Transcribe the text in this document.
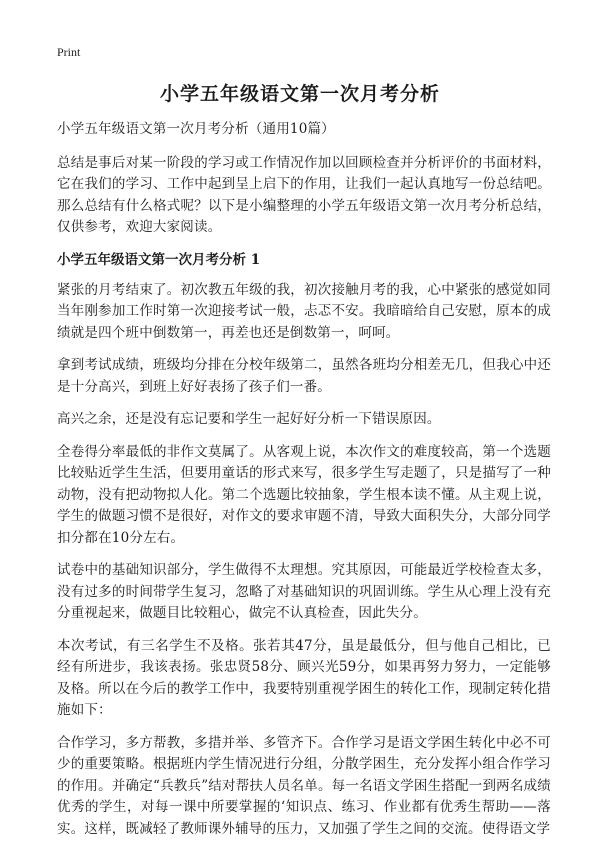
Print
小学五年级语文第一次月考分析

小学五年级语文第一次月考分析（通用10篇）

总结是事后对某一阶段的学习或工作情况作加以回顾检查并分析评价的书面材料，它在我们的学习、工作中起到呈上启下的作用，让我们一起认真地写一份总结吧。那么总结有什么格式呢？以下是小编整理的小学五年级语文第一次月考分析总结，仅供参考，欢迎大家阅读。

小学五年级语文第一次月考分析 1

紧张的月考结束了。初次教五年级的我，初次接触月考的我，心中紧张的感觉如同当年刚参加工作时第一次迎接考试一般，忐忑不安。我暗暗给自己安慰，原本的成绩就是四个班中倒数第一，再差也还是倒数第一，呵呵。

拿到考试成绩，班级均分排在分校年级第二，虽然各班均分相差无几，但我心中还是十分高兴，到班上好好表扬了孩子们一番。

高兴之余，还是没有忘记要和学生一起好好分析一下错误原因。

全卷得分率最低的非作文莫属了。从客观上说，本次作文的难度较高，第一个选题比较贴近学生生活，但要用童话的形式来写，很多学生写走题了，只是描写了一种动物，没有把动物拟人化。第二个选题比较抽象，学生根本读不懂。从主观上说，学生的做题习惯不是很好，对作文的要求审题不清，导致大面积失分，大部分同学扣分都在10分左右。

试卷中的基础知识部分，学生做得不太理想。究其原因，可能最近学校检查太多，没有过多的时间带学生复习，忽略了对基础知识的巩固训练。学生从心理上没有充分重视起来，做题目比较粗心，做完不认真检查，因此失分。

本次考试，有三名学生不及格。张若其47分，虽是最低分，但与他自己相比，已经有所进步，我该表扬。张忠贤58分、顾兴光59分，如果再努力努力，一定能够及格。所以在今后的教学工作中，我要特别重视学困生的转化工作，现制定转化措施如下：

合作学习，多方帮教，多措并举、多管齐下。合作学习是语文学困生转化中必不可少的重要策略。根据班内学生情况进行分组，分散学困生，充分发挥小组合作学习的作用。并确定“兵教兵”结对帮扶人员名单。每一名语文学困生搭配一到两名成绩优秀的学生，对每一课中所要掌握的‘知识点、练习、作业都有优秀生帮助——落实。这样，既减轻了教师课外辅导的压力，又加强了学生之间的交流。使得语文学
